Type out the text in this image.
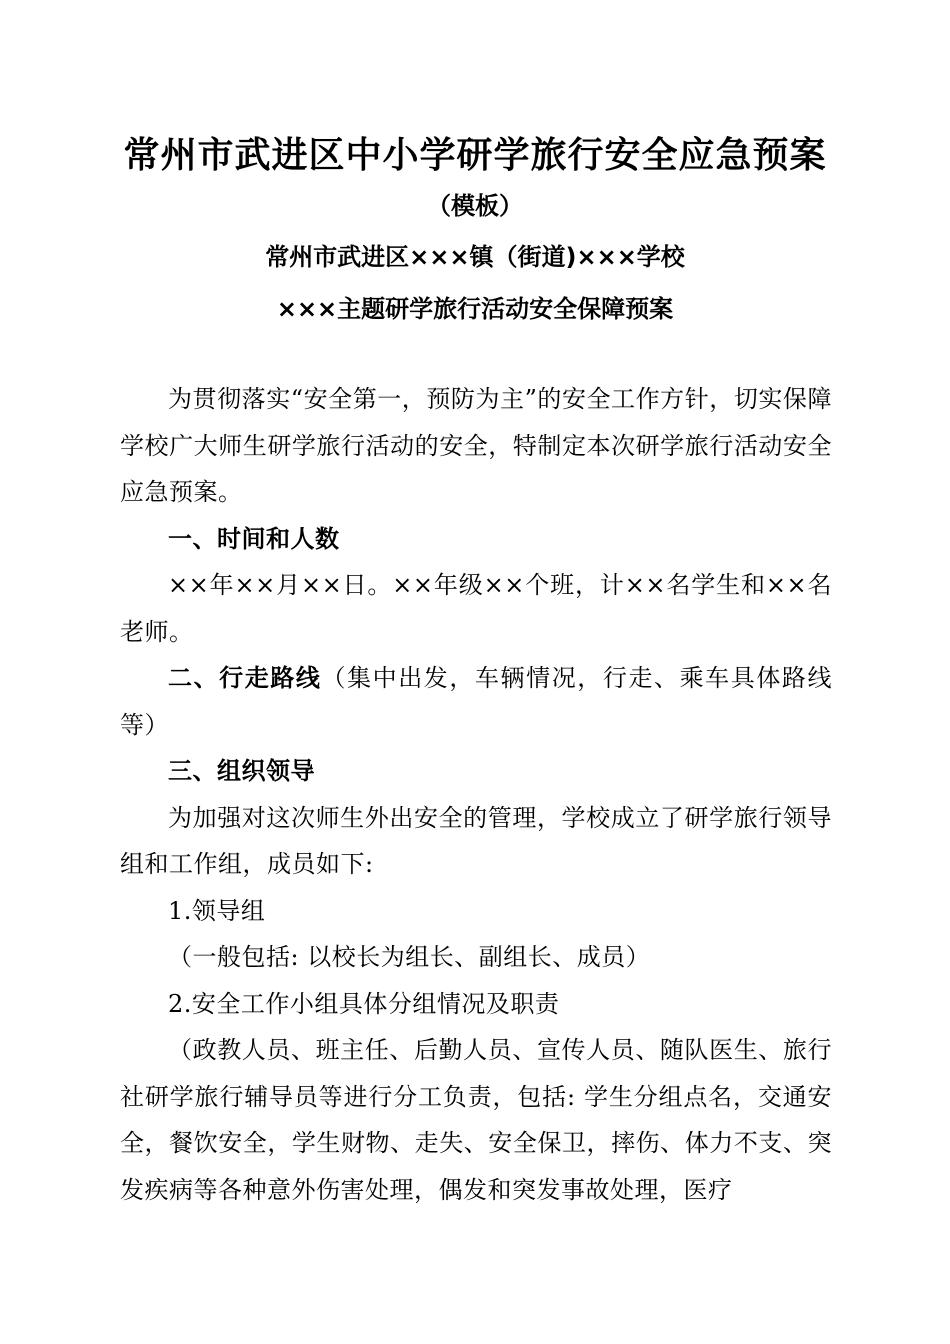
常州市武进区中小学研学旅行安全应急预案
（模板）
常州市武进区×××镇（街道)×××学校
×××主题研学旅行活动安全保障预案

为贯彻落实“安全第一，预防为主”的安全工作方针，切实保障学校广大师生研学旅行活动的安全，特制定本次研学旅行活动安全应急预案。

一、时间和人数

××年××月××日。××年级××个班，计××名学生和××名老师。

二、行走路线（集中出发，车辆情况，行走、乘车具体路线等）

三、组织领导

为加强对这次师生外出安全的管理，学校成立了研学旅行领导组和工作组，成员如下:

1.领导组

（一般包括: 以校长为组长、副组长、成员）

2.安全工作小组具体分组情况及职责

（政教人员、班主任、后勤人员、宣传人员、随队医生、旅行社研学旅行辅导员等进行分工负责，包括: 学生分组点名，交通安全，餐饮安全，学生财物、走失、安全保卫，摔伤、体力不支、突发疾病等各种意外伤害处理，偶发和突发事故处理，医疗
